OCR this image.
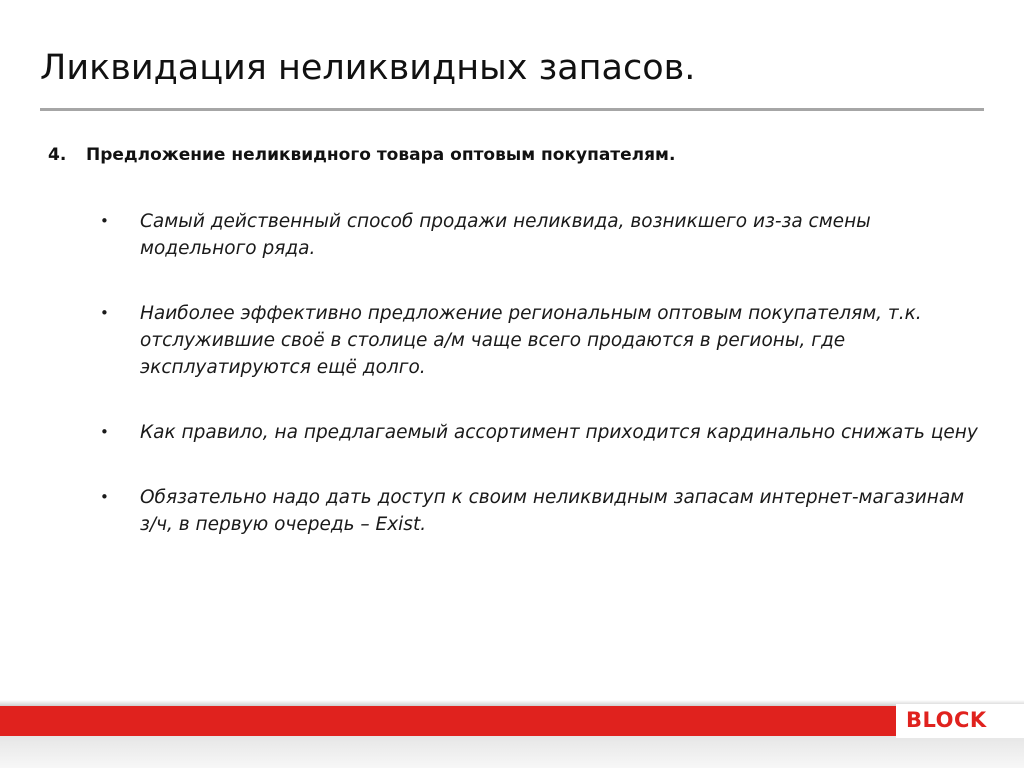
Ликвидация неликвидных запасов.
4. Предложение неликвидного товара оптовым покупателям.
• Самый действенный способ продажи неликвида, возникшего из-за смены модельного ряда.
• Наиболее эффективно предложение региональным оптовым покупателям, т.к. отслужившие своё в столице а/м чаще всего продаются в регионы, где эксплуатируются ещё долго.
• Как правило, на предлагаемый ассортимент приходится кардинально снижать цену
• Обязательно надо дать доступ к своим неликвидным запасам интернет-магазинам з/ч, в первую очередь – Exist.
BLOCK
